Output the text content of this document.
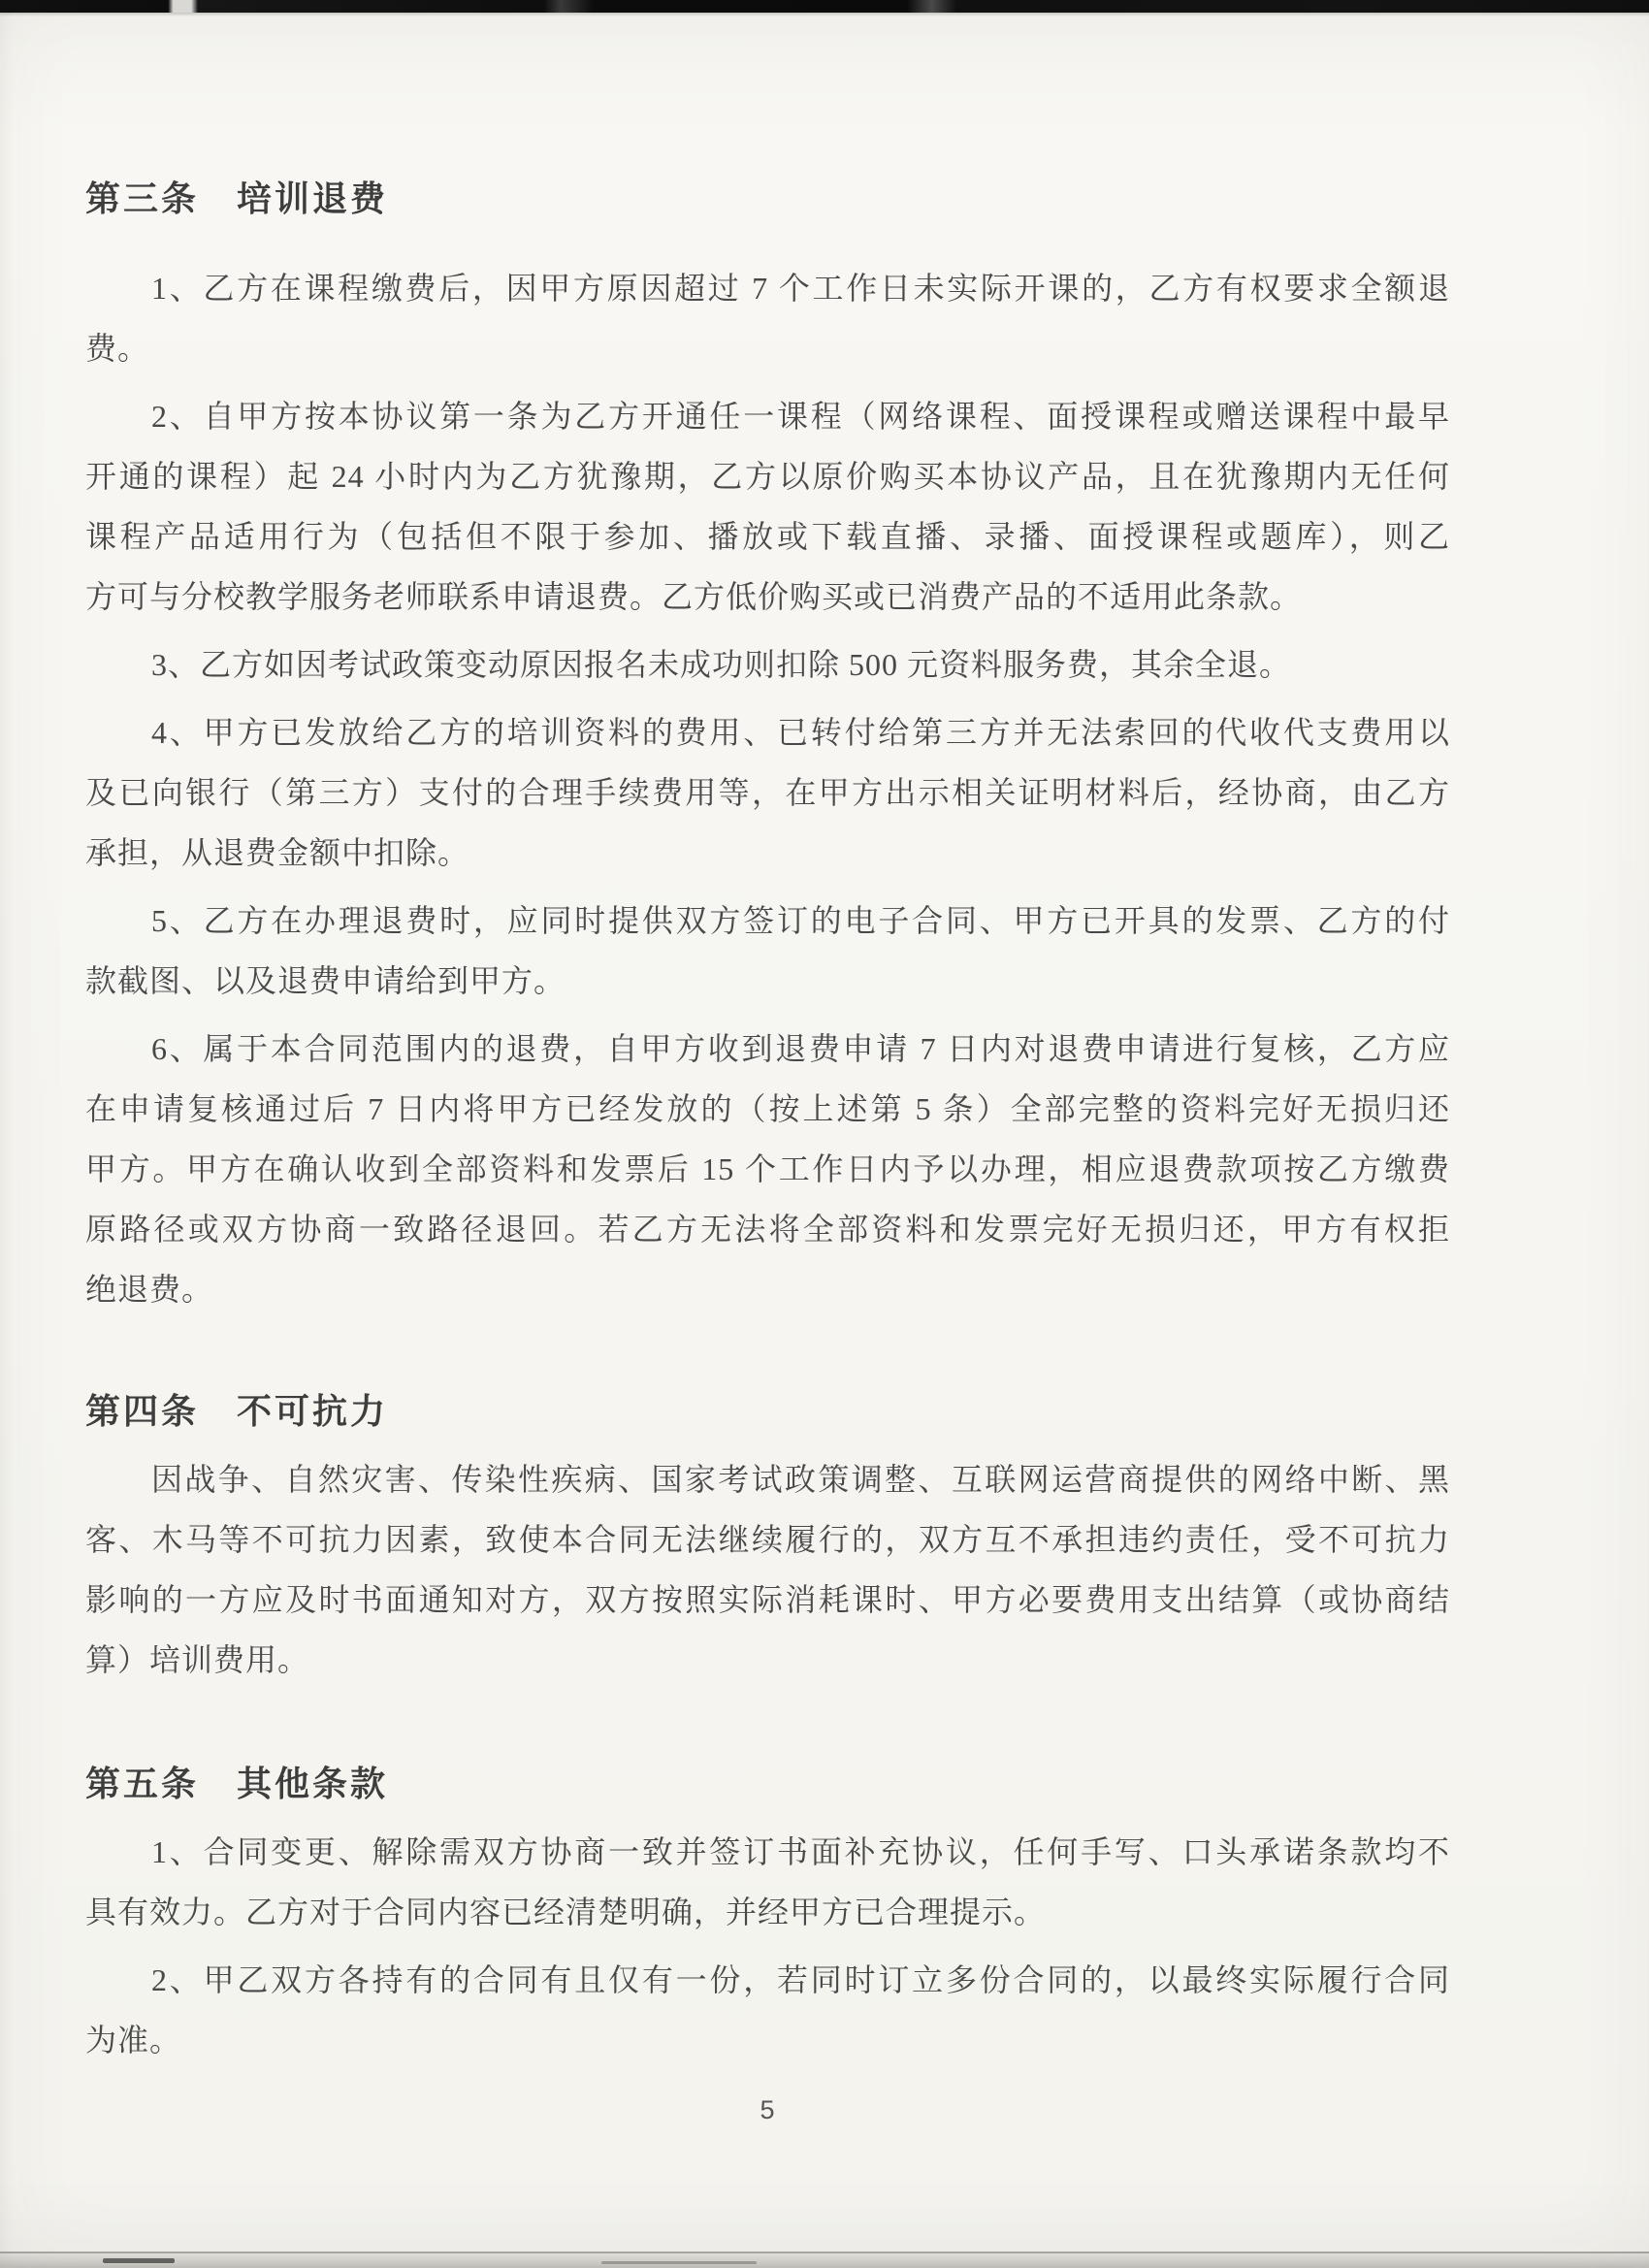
第三条　培训退费
1、乙方在课程缴费后，因甲方原因超过 7 个工作日未实际开课的，乙方有权要求全额退
费。
2、自甲方按本协议第一条为乙方开通任一课程（网络课程、面授课程或赠送课程中最早
开通的课程）起 24 小时内为乙方犹豫期，乙方以原价购买本协议产品，且在犹豫期内无任何
课程产品适用行为（包括但不限于参加、播放或下载直播、录播、面授课程或题库），则乙
方可与分校教学服务老师联系申请退费。乙方低价购买或已消费产品的不适用此条款。
3、乙方如因考试政策变动原因报名未成功则扣除 500 元资料服务费，其余全退。
4、甲方已发放给乙方的培训资料的费用、已转付给第三方并无法索回的代收代支费用以
及已向银行（第三方）支付的合理手续费用等，在甲方出示相关证明材料后，经协商，由乙方
承担，从退费金额中扣除。
5、乙方在办理退费时，应同时提供双方签订的电子合同、甲方已开具的发票、乙方的付
款截图、以及退费申请给到甲方。
6、属于本合同范围内的退费，自甲方收到退费申请 7 日内对退费申请进行复核，乙方应
在申请复核通过后 7 日内将甲方已经发放的（按上述第 5 条）全部完整的资料完好无损归还
甲方。甲方在确认收到全部资料和发票后 15 个工作日内予以办理，相应退费款项按乙方缴费
原路径或双方协商一致路径退回。若乙方无法将全部资料和发票完好无损归还，甲方有权拒
绝退费。
第四条　不可抗力
因战争、自然灾害、传染性疾病、国家考试政策调整、互联网运营商提供的网络中断、黑
客、木马等不可抗力因素，致使本合同无法继续履行的，双方互不承担违约责任，受不可抗力
影响的一方应及时书面通知对方，双方按照实际消耗课时、甲方必要费用支出结算（或协商结
算）培训费用。
第五条　其他条款
1、合同变更、解除需双方协商一致并签订书面补充协议，任何手写、口头承诺条款均不
具有效力。乙方对于合同内容已经清楚明确，并经甲方已合理提示。
2、甲乙双方各持有的合同有且仅有一份，若同时订立多份合同的，以最终实际履行合同
为准。
5
